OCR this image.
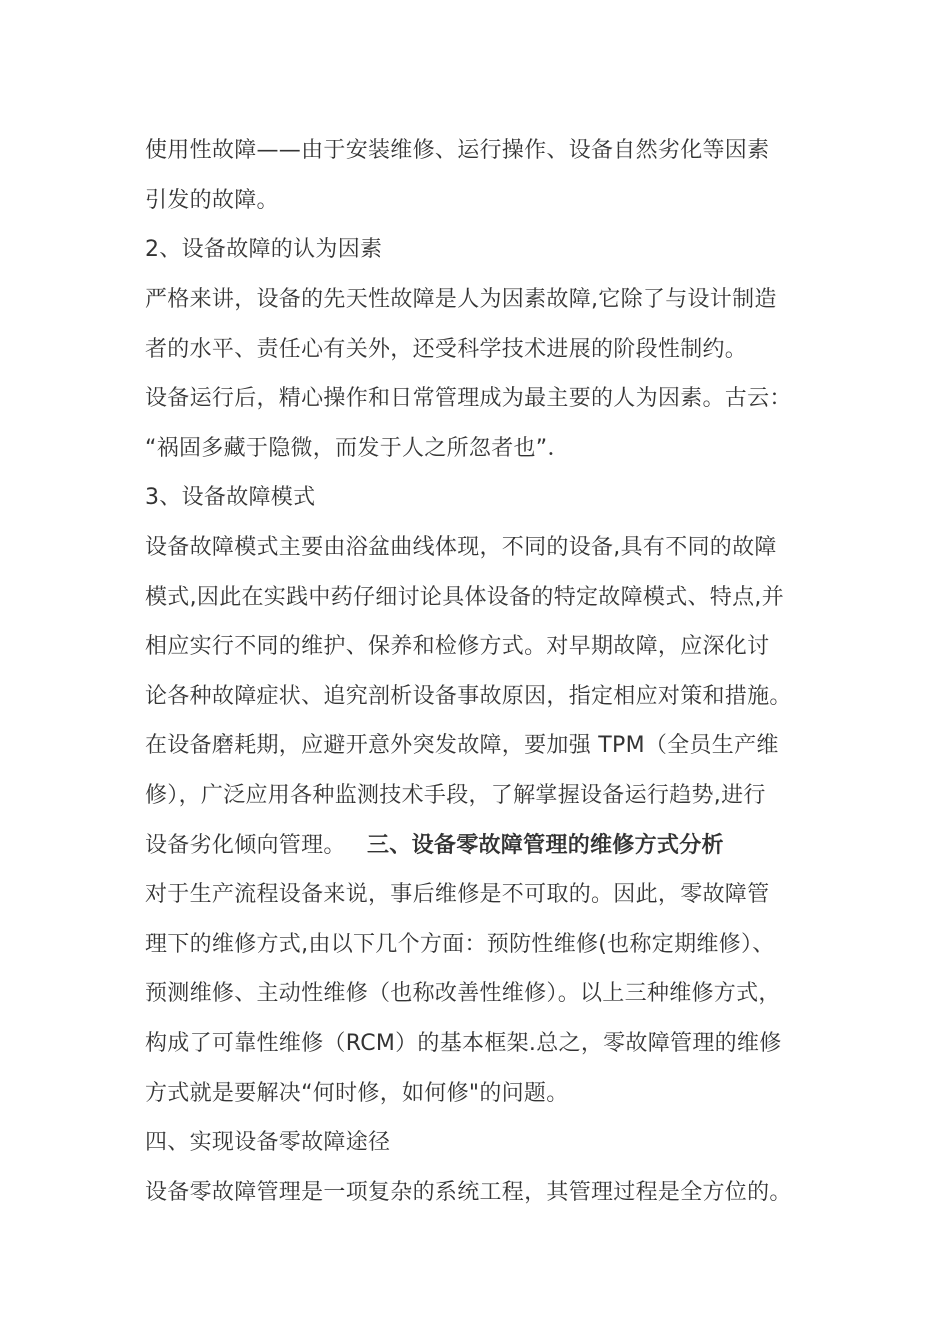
使用性故障——由于安装维修、运行操作、设备自然劣化等因素
引发的故障。
2、设备故障的认为因素
严格来讲，设备的先天性故障是人为因素故障,它除了与设计制造
者的水平、责任心有关外，还受科学技术进展的阶段性制约。
设备运行后，精心操作和日常管理成为最主要的人为因素。古云：
“祸固多藏于隐微，而发于人之所忽者也”．
3、设备故障模式
设备故障模式主要由浴盆曲线体现，不同的设备,具有不同的故障
模式,因此在实践中药仔细讨论具体设备的特定故障模式、特点,并
相应实行不同的维护、保养和检修方式。对早期故障，应深化讨
论各种故障症状、追究剖析设备事故原因，指定相应对策和措施。
在设备磨耗期，应避开意外突发故障，要加强 TPM（全员生产维
修），广泛应用各种监测技术手段，了解掌握设备运行趋势,进行
设备劣化倾向管理。 三、设备零故障管理的维修方式分析
对于生产流程设备来说，事后维修是不可取的。因此，零故障管
理下的维修方式,由以下几个方面：预防性维修(也称定期维修）、
预测维修、主动性维修（也称改善性维修）。以上三种维修方式，
构成了可靠性维修（RCM）的基本框架.总之，零故障管理的维修
方式就是要解决“何时修，如何修"的问题。
四、实现设备零故障途径
设备零故障管理是一项复杂的系统工程，其管理过程是全方位的。
